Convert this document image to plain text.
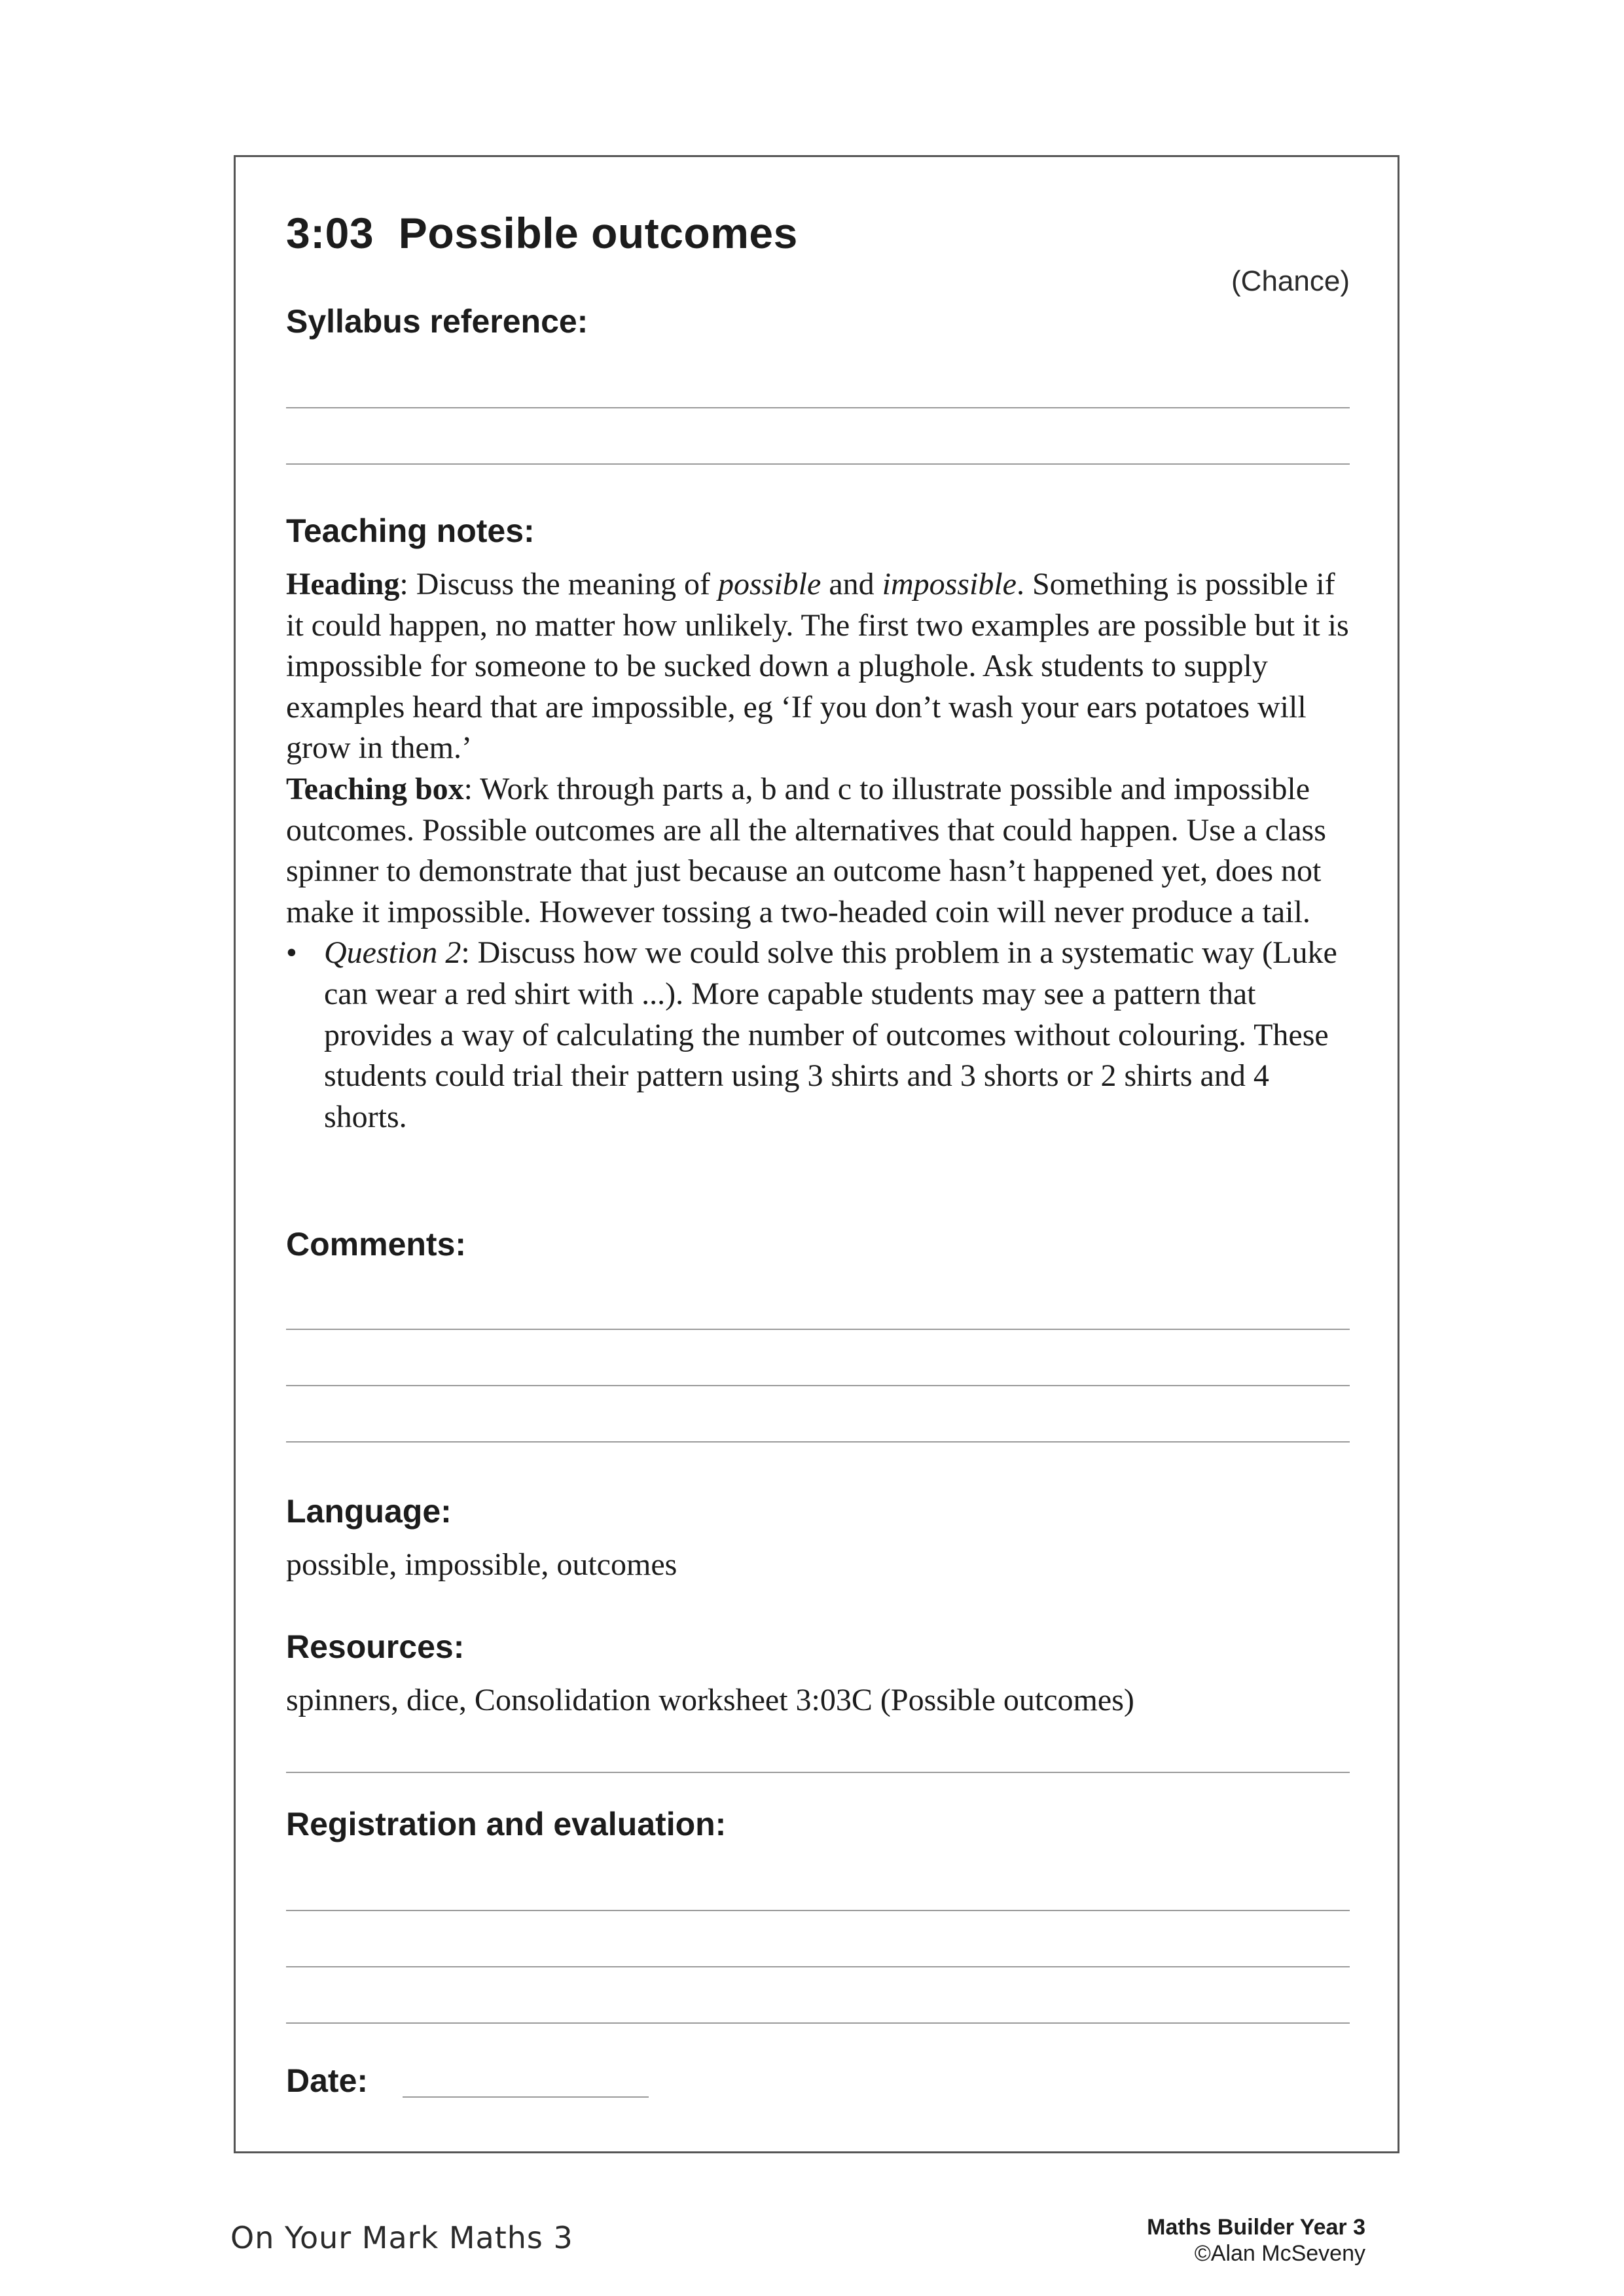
3:03 Possible outcomes
(Chance)
Syllabus reference:
Teaching notes:

Heading: Discuss the meaning of possible and impossible. Something is possible if it could happen, no matter how unlikely. The first two examples are possible but it is impossible for someone to be sucked down a plughole. Ask students to supply examples heard that are impossible, eg ‘If you don’t wash your ears potatoes will grow in them.’

Teaching box: Work through parts a, b and c to illustrate possible and impossible outcomes. Possible outcomes are all the alternatives that could happen. Use a class spinner to demonstrate that just because an outcome hasn’t happened yet, does not make it impossible. However tossing a two-headed coin will never produce a tail.

• Question 2: Discuss how we could solve this problem in a systematic way (Luke can wear a red shirt with ...). More capable students may see a pattern that provides a way of calculating the number of outcomes without colouring. These students could trial their pattern using 3 shirts and 3 shorts or 2 shirts and 4 shorts.
Comments:
Language:
possible, impossible, outcomes
Resources:
spinners, dice, Consolidation worksheet 3:03C (Possible outcomes)
Registration and evaluation:
Date:
On Your Mark Maths 3	Maths Builder Year 3
©Alan McSeveny
